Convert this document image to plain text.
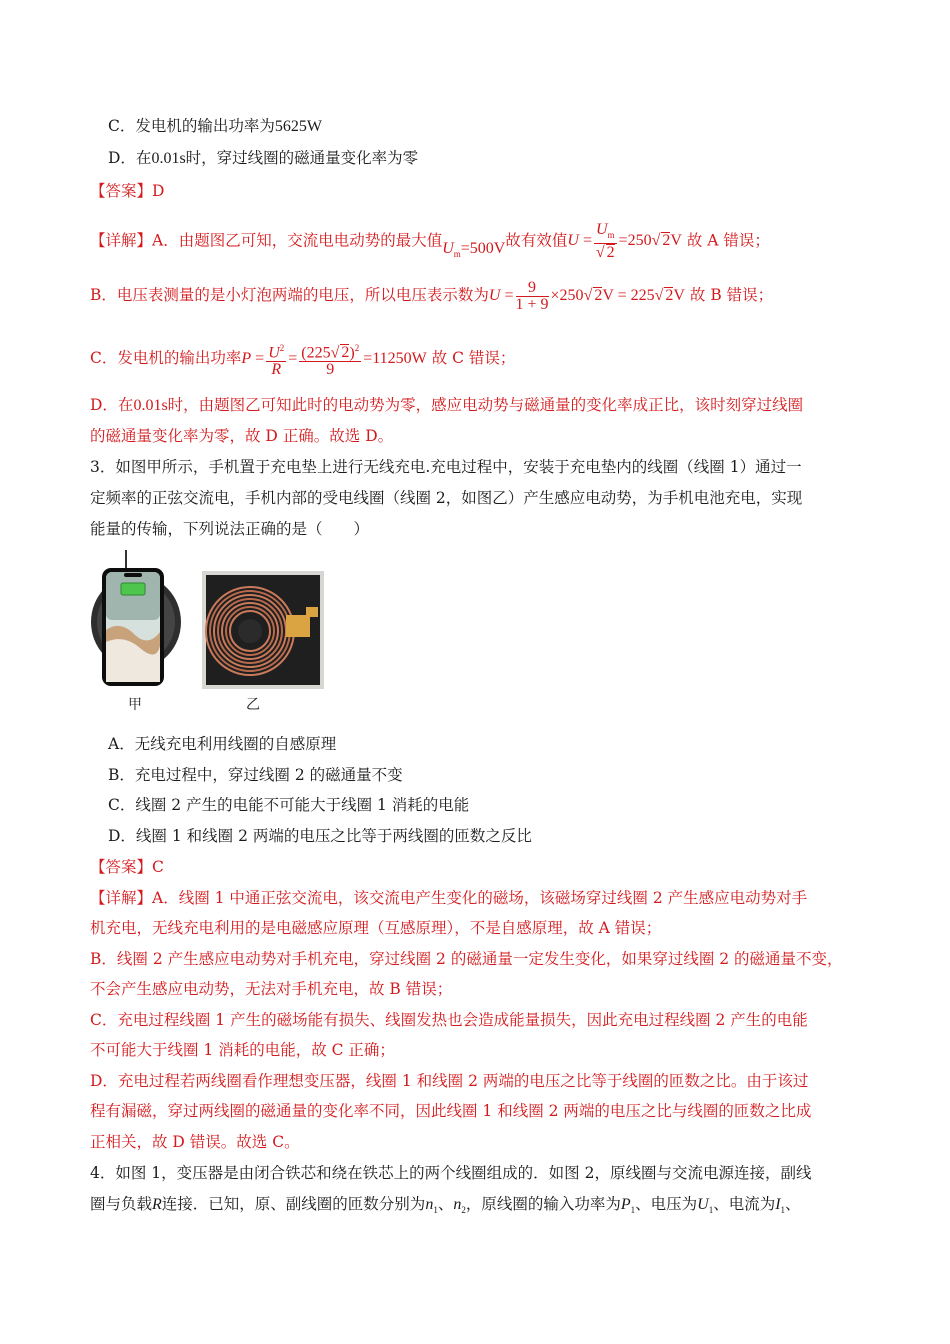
C．发电机的输出功率为5625W
D．在0.01s时，穿过线圈的磁通量变化率为零
【答案】D
【详解】A．由题图乙可知，交流电电动势的最大值$U_m=500V$故有效值$U = \frac{U_m}{√ 2} =250√$ 2V 故 A 错误；
B．电压表测量的是小灯泡两端的电压，所以电压表示数为$U = \frac{9}{1 + 9} \times 250√$ 2V = 225√ 2V 故 B 错误；
C．发电机的输出功率$P = \frac{U^2}{R} = \frac{(225√ 2)^2}{9} =11250W$ 故 C 错误；
D．在0.01s时，由题图乙可知此时的电动势为零，感应电动势与磁通量的变化率成正比，该时刻穿过线圈
的磁通量变化率为零，故 D 正确。故选 D。
3．如图甲所示，手机置于充电垫上进行无线充电.充电过程中，安装于充电垫内的线圈（线圈 1）通过一
定频率的正弦交流电，手机内部的受电线圈（线圈 2，如图乙）产生感应电动势，为手机电池充电，实现
能量的传输，下列说法正确的是（　　）
甲	乙
A．无线充电利用线圈的自感原理
B．充电过程中，穿过线圈 2 的磁通量不变
C．线圈 2 产生的电能不可能大于线圈 1 消耗的电能
D．线圈 1 和线圈 2 两端的电压之比等于两线圈的匝数之反比
【答案】C
【详解】A．线圈 1 中通正弦交流电，该交流电产生变化的磁场，该磁场穿过线圈 2 产生感应电动势对手
机充电，无线充电利用的是电磁感应原理（互感原理），不是自感原理，故 A 错误；
B．线圈 2 产生感应电动势对手机充电，穿过线圈 2 的磁通量一定发生变化，如果穿过线圈 2 的磁通量不变，
不会产生感应电动势，无法对手机充电，故 B 错误；
C．充电过程线圈 1 产生的磁场能有损失、线圈发热也会造成能量损失，因此充电过程线圈 2 产生的电能
不可能大于线圈 1 消耗的电能，故 C 正确；
D．充电过程若两线圈看作理想变压器，线圈 1 和线圈 2 两端的电压之比等于线圈的匝数之比。由于该过
程有漏磁，穿过两线圈的磁通量的变化率不同，因此线圈 1 和线圈 2 两端的电压之比与线圈的匝数之比成
正相关，故 D 错误。故选 C。
4．如图 1，变压器是由闭合铁芯和绕在铁芯上的两个线圈组成的．如图 2，原线圈与交流电源连接，副线
圈与负载R连接．已知，原、副线圈的匝数分别为$n_1$、$n_2$，原线圈的输入功率为$P_1$、电压为$U_1$、电流为$I_1$、
